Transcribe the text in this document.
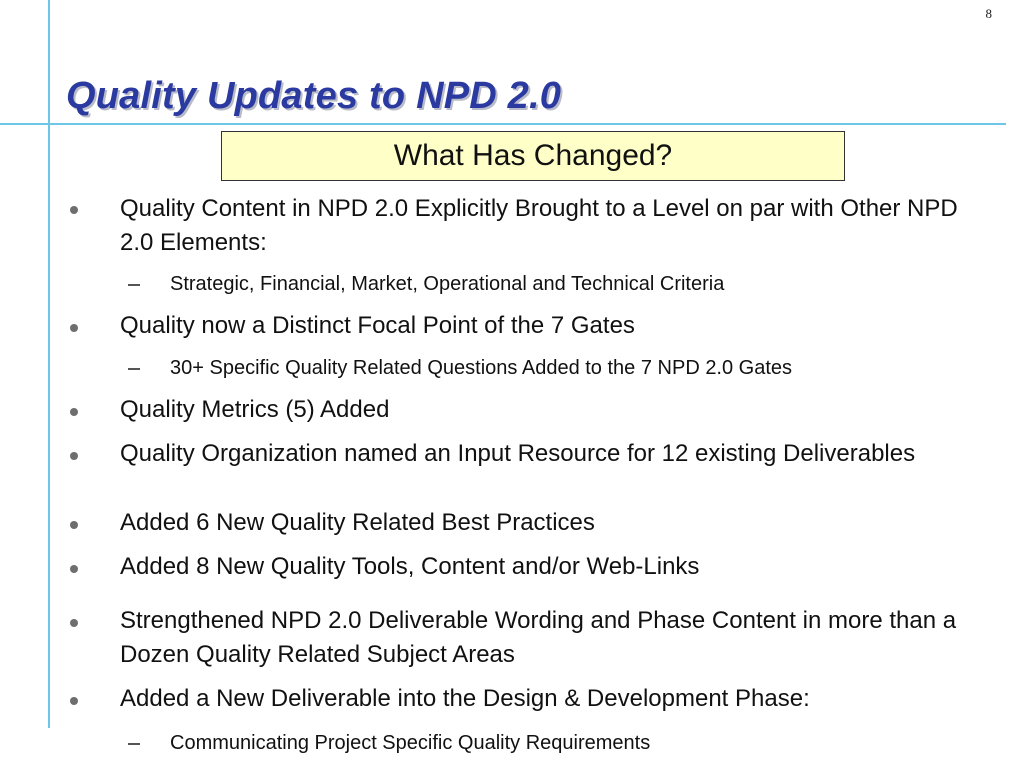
8
Quality Updates to NPD 2.0
What Has Changed?
Quality Content in NPD 2.0 Explicitly Brought to a Level on par with Other NPD 2.0 Elements:
Strategic, Financial, Market, Operational and Technical Criteria
Quality now a Distinct Focal Point of the 7 Gates
30+ Specific Quality Related Questions Added to the 7 NPD 2.0 Gates
Quality Metrics (5) Added
Quality Organization named an Input Resource for 12 existing Deliverables
Added 6 New Quality Related Best Practices
Added 8 New Quality Tools, Content and/or Web-Links
Strengthened NPD 2.0 Deliverable Wording and Phase Content in more than a Dozen Quality Related Subject Areas
Added a New Deliverable into the Design & Development Phase:
Communicating Project Specific Quality Requirements
